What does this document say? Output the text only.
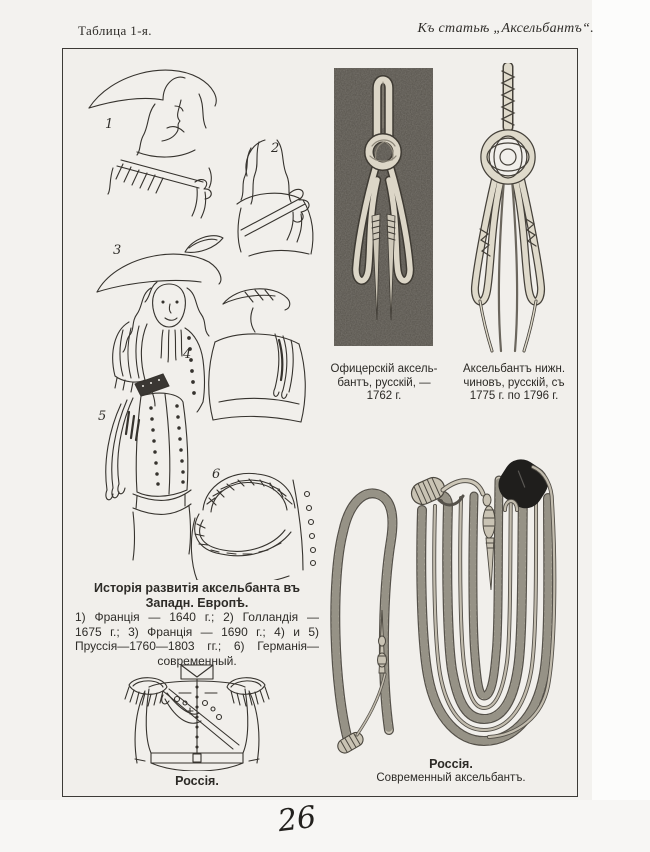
Таблица 1-я.	Къ статьѣ „Аксельбантъ“.
1
2
3
4
5
6
Офицерскій аксель-
бантъ, русскій, —
1762 г.
Аксельбантъ нижн.
чиновъ, русскій, съ
1775 г. по 1796 г.
Исторія развитія аксельбанта въ
Западн. Европѣ.
1) Франція — 1640 г.; 2) Голландія —
1675 г.; 3) Франція — 1690 г.; 4) и 5)
Пруссія—1760—1803 гг.; 6) Германія—
современный.
Россія.
Россія.
Современный аксельбантъ.
26
